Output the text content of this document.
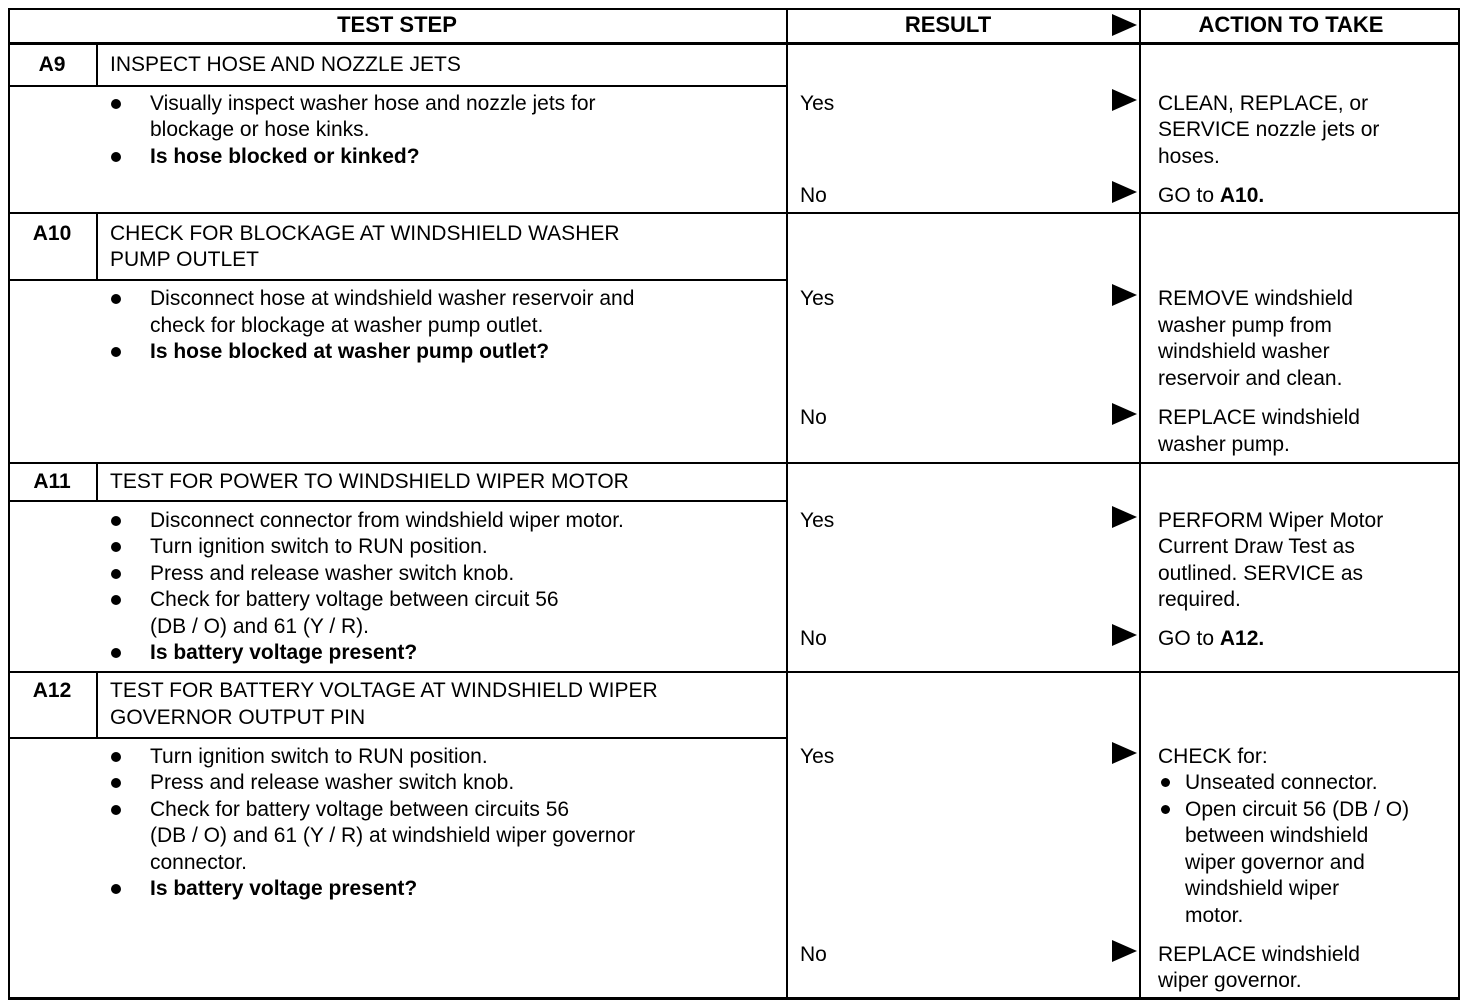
TEST STEP	RESULT	ACTION TO TAKE
A9	INSPECT HOSE AND NOZZLE JETS
Visually inspect washer hose and nozzle jets for
blockage or hose kinks.
Is hose blocked or kinked?
Yes	CLEAN, REPLACE, or
SERVICE nozzle jets or
hoses.
No	GO to A10.
A10	CHECK FOR BLOCKAGE AT WINDSHIELD WASHER
PUMP OUTLET
Disconnect hose at windshield washer reservoir and
check for blockage at washer pump outlet.
Is hose blocked at washer pump outlet?
Yes	REMOVE windshield
washer pump from
windshield washer
reservoir and clean.
No	REPLACE windshield
washer pump.
A11	TEST FOR POWER TO WINDSHIELD WIPER MOTOR
Disconnect connector from windshield wiper motor.
Turn ignition switch to RUN position.
Press and release washer switch knob.
Check for battery voltage between circuit 56
(DB / O) and 61 (Y / R).
Is battery voltage present?
Yes	PERFORM Wiper Motor
Current Draw Test as
outlined. SERVICE as
required.
No	GO to A12.
A12	TEST FOR BATTERY VOLTAGE AT WINDSHIELD WIPER
GOVERNOR OUTPUT PIN
Turn ignition switch to RUN position.
Press and release washer switch knob.
Check for battery voltage between circuits 56
(DB / O) and 61 (Y / R) at windshield wiper governor
connector.
Is battery voltage present?
Yes	CHECK for:
Unseated connector.
Open circuit 56 (DB / O)
between windshield
wiper governor and
windshield wiper
motor.
No	REPLACE windshield
wiper governor.
